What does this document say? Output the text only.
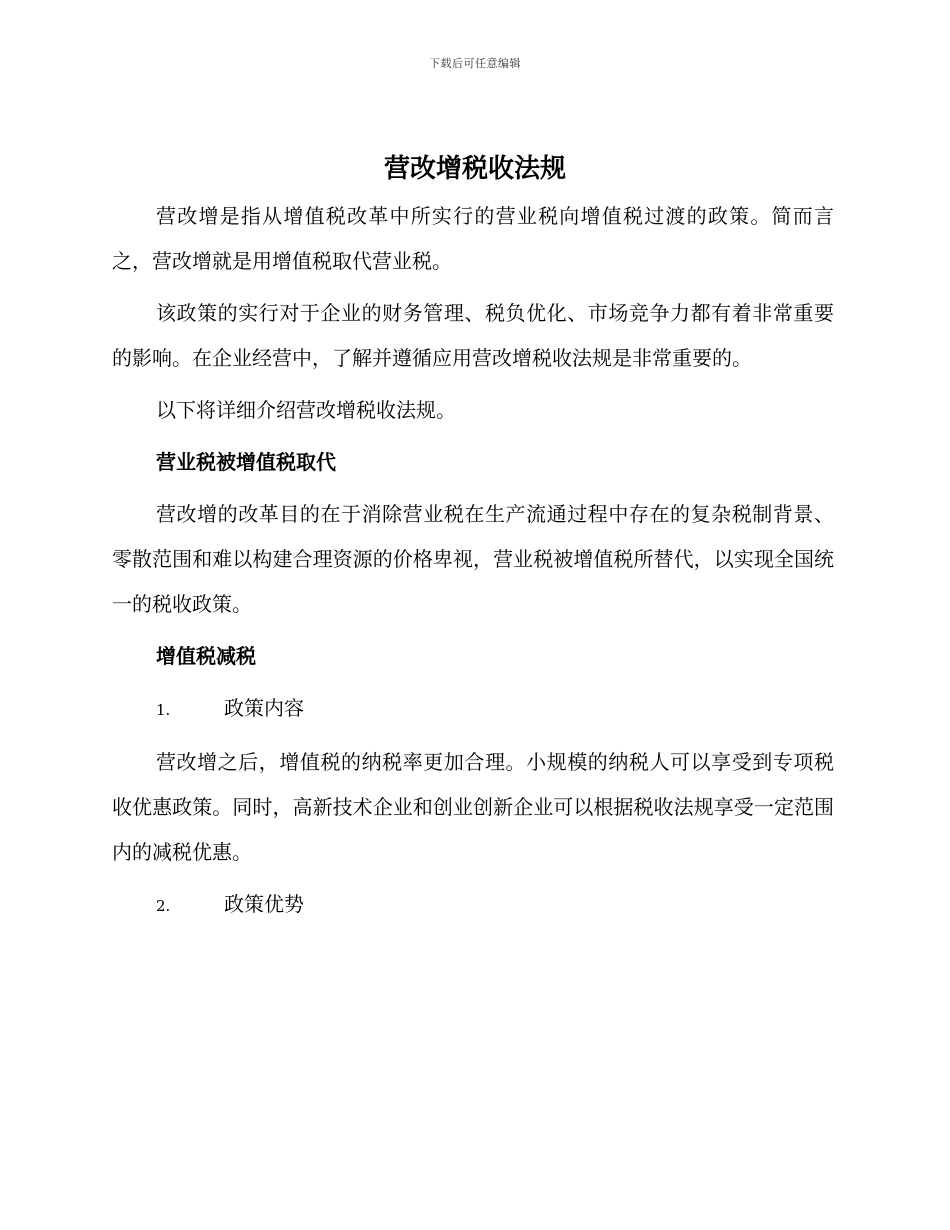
下载后可任意编辑
营改增税收法规

营改增是指从增值税改革中所实行的营业税向增值税过渡的政策。简而言之，营改增就是用增值税取代营业税。

该政策的实行对于企业的财务管理、税负优化、市场竞争力都有着非常重要的影响。在企业经营中，了解并遵循应用营改增税收法规是非常重要的。

以下将详细介绍营改增税收法规。

营业税被增值税取代

营改增的改革目的在于消除营业税在生产流通过程中存在的复杂税制背景、零散范围和难以构建合理资源的价格卑视，营业税被增值税所替代，以实现全国统一的税收政策。

增值税减税
1.	政策内容

营改增之后，增值税的纳税率更加合理。小规模的纳税人可以享受到专项税收优惠政策。同时，高新技术企业和创业创新企业可以根据税收法规享受一定范围内的减税优惠。

2.	政策优势
